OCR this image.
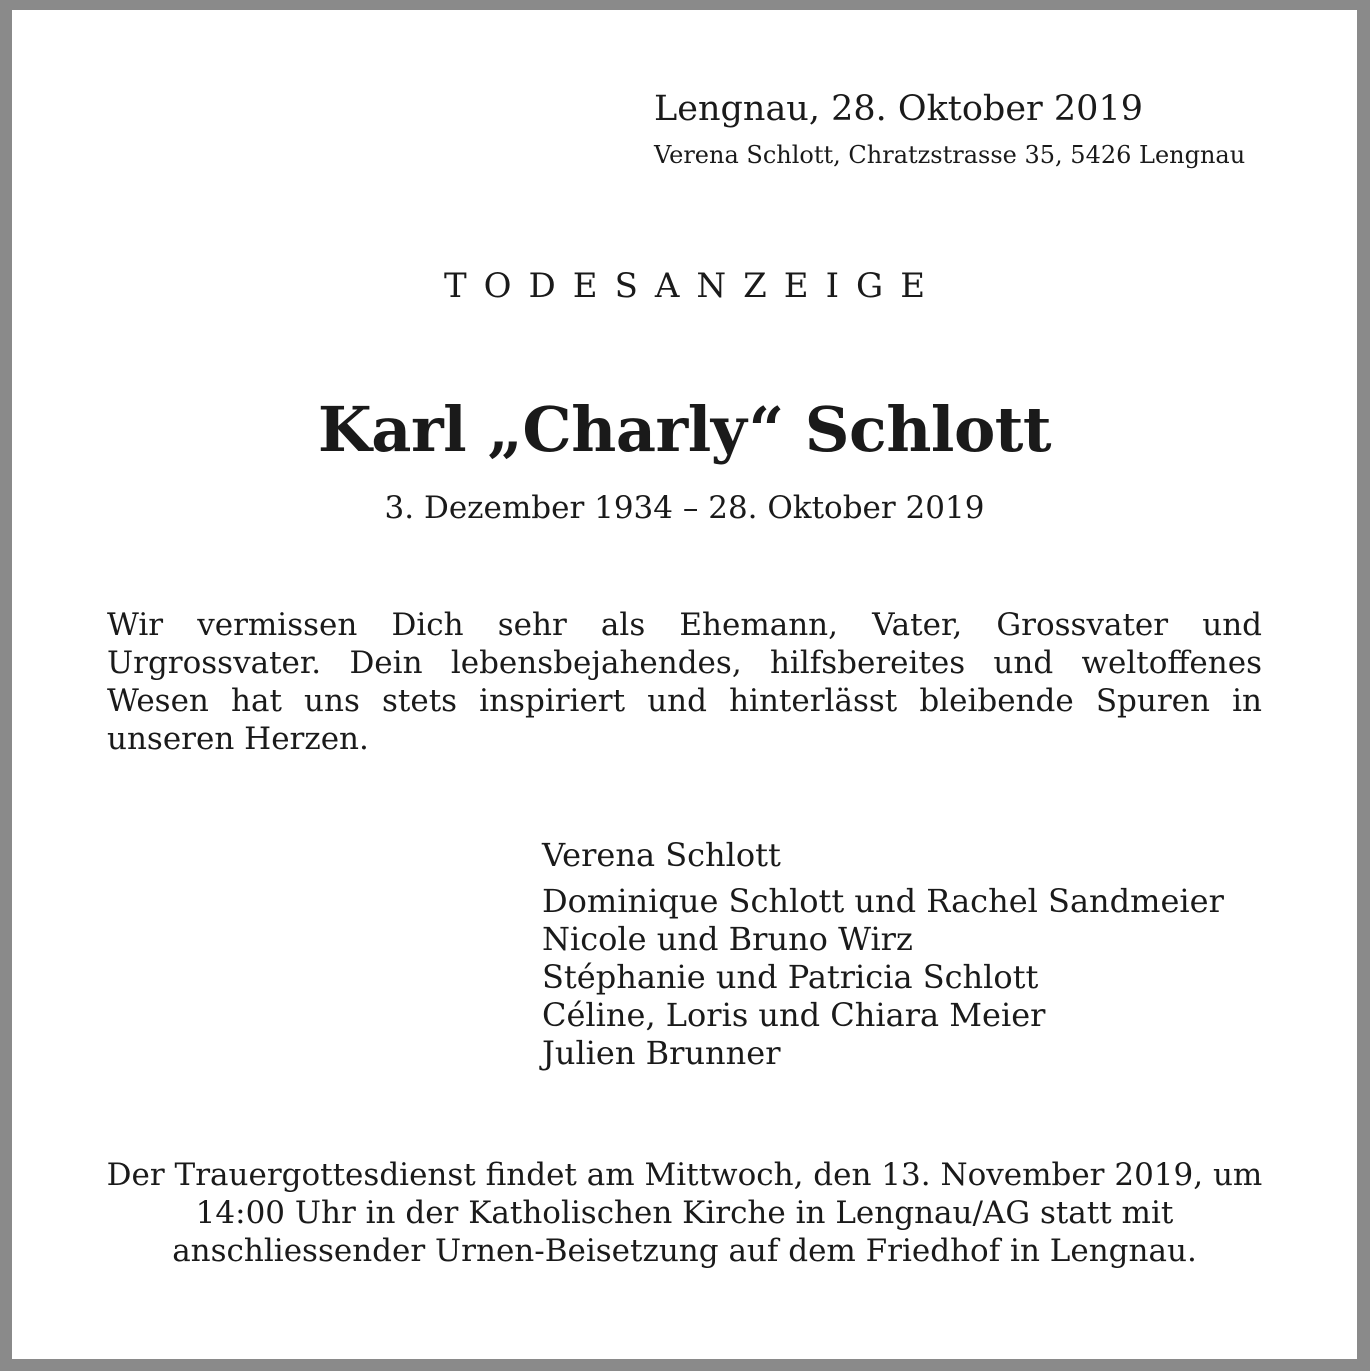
Lengnau, 28. Oktober 2019
Verena Schlott, Chratzstrasse 35, 5426 Lengnau
TODESANZEIGE
Karl „Charly“ Schlott
3. Dezember 1934 – 28. Oktober 2019

Wir vermissen Dich sehr als Ehemann, Vater, Grossvater und Urgrossvater. Dein lebensbejahendes, hilfsbereites und weltoffenes Wesen hat uns stets inspiriert und hinterlässt bleibende Spuren in unseren Herzen.

Verena Schlott
Dominique Schlott und Rachel Sandmeier
Nicole und Bruno Wirz
Stéphanie und Patricia Schlott
Céline, Loris und Chiara Meier
Julien Brunner

Der Trauergottesdienst findet am Mittwoch, den 13. November 2019, um 14:00 Uhr in der Katholischen Kirche in Lengnau/AG statt mit anschliessender Urnen-Beisetzung auf dem Friedhof in Lengnau.
